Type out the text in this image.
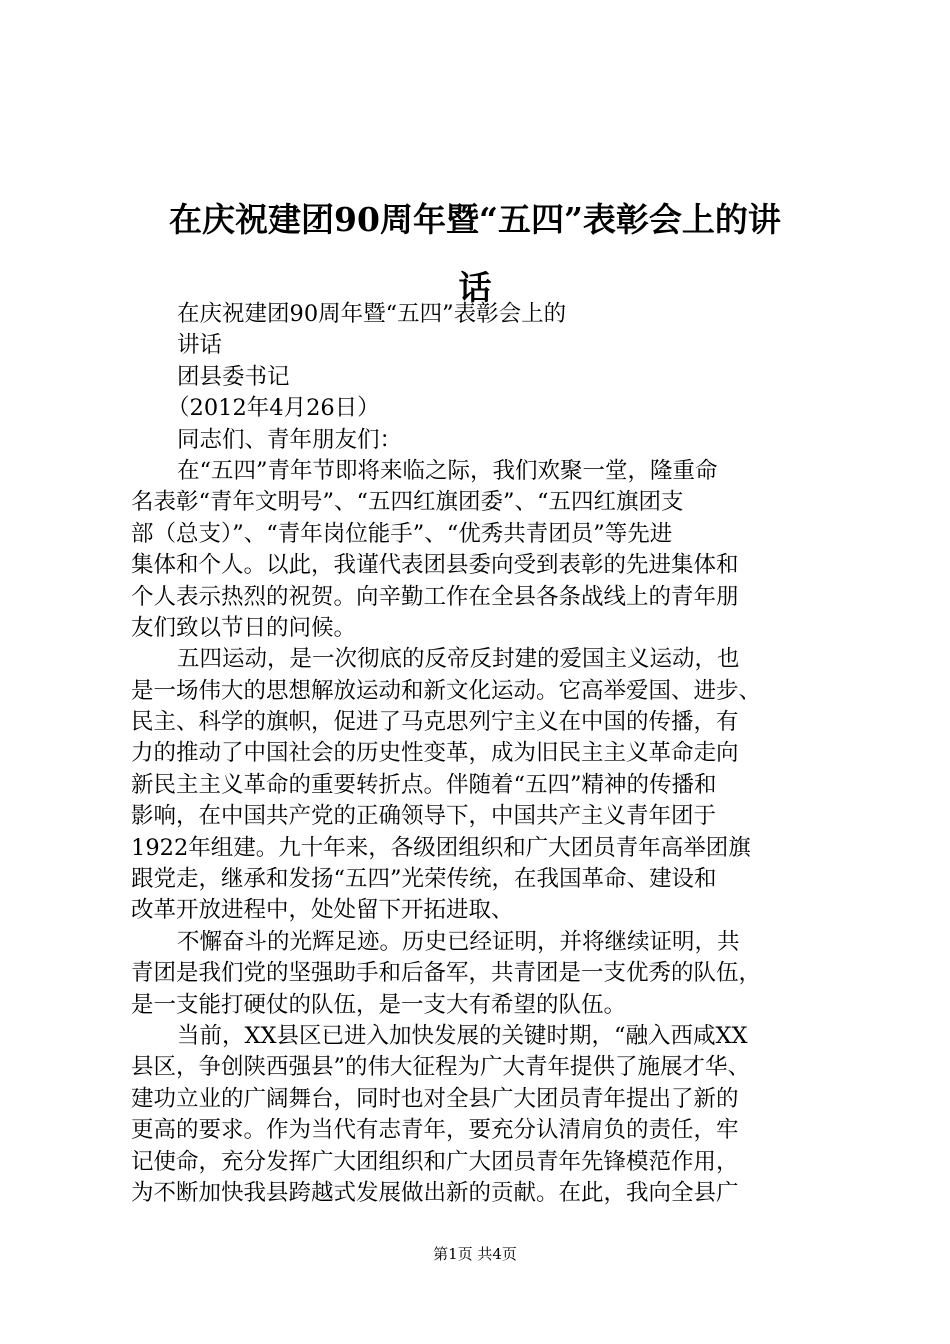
在庆祝建团90周年暨“五四”表彰会上的讲
话
在庆祝建团90周年暨“五四”表彰会上的
讲话
团县委书记
（2012年4月26日）
同志们、青年朋友们：
在“五四”青年节即将来临之际，我们欢聚一堂，隆重命
名表彰“青年文明号”、“五四红旗团委”、“五四红旗团支
部（总支）”、“青年岗位能手”、“优秀共青团员”等先进
集体和个人。以此，我谨代表团县委向受到表彰的先进集体和
个人表示热烈的祝贺。向辛勤工作在全县各条战线上的青年朋
友们致以节日的问候。
五四运动，是一次彻底的反帝反封建的爱国主义运动，也
是一场伟大的思想解放运动和新文化运动。它高举爱国、进步、
民主、科学的旗帜，促进了马克思列宁主义在中国的传播，有
力的推动了中国社会的历史性变革，成为旧民主主义革命走向
新民主主义革命的重要转折点。伴随着“五四”精神的传播和
影响，在中国共产党的正确领导下，中国共产主义青年团于
1922年组建。九十年来，各级团组织和广大团员青年高举团旗
跟党走，继承和发扬“五四”光荣传统，在我国革命、建设和
改革开放进程中，处处留下开拓进取、
不懈奋斗的光辉足迹。历史已经证明，并将继续证明，共
青团是我们党的坚强助手和后备军，共青团是一支优秀的队伍，
是一支能打硬仗的队伍，是一支大有希望的队伍。
当前，XX县区已进入加快发展的关键时期，“融入西咸XX
县区，争创陕西强县”的伟大征程为广大青年提供了施展才华、
建功立业的广阔舞台，同时也对全县广大团员青年提出了新的
更高的要求。作为当代有志青年，要充分认清肩负的责任，牢
记使命，充分发挥广大团组织和广大团员青年先锋模范作用，
为不断加快我县跨越式发展做出新的贡献。在此，我向全县广
第1页 共4页
